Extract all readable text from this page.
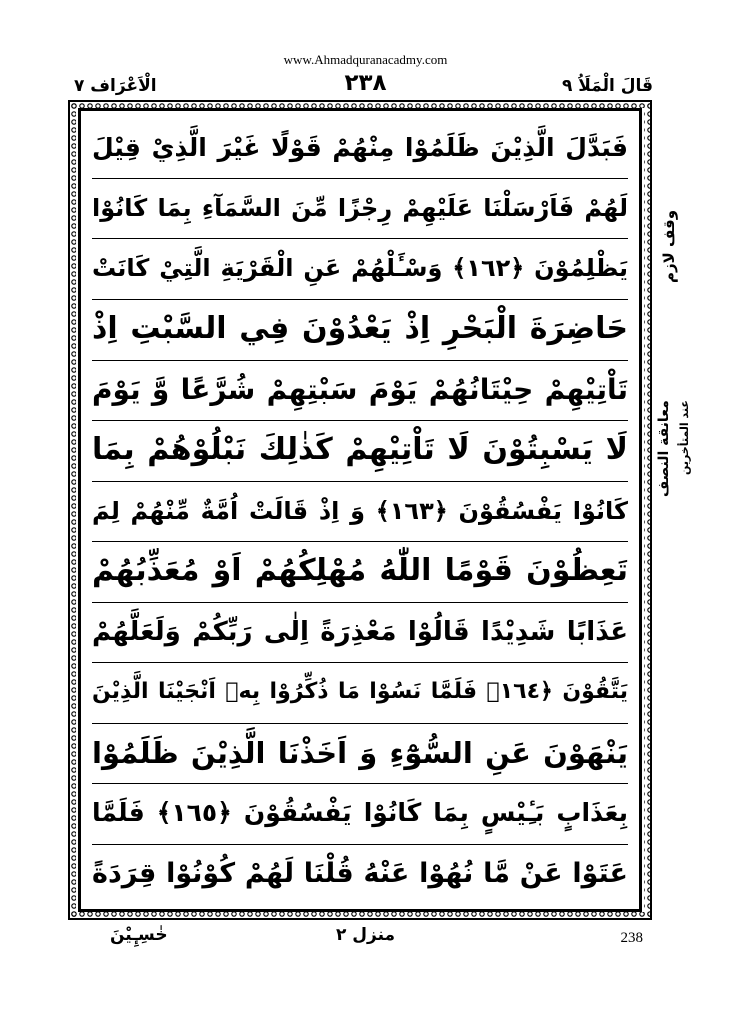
www.Ahmadquranacadmy.com
قَالَ الْمَلَاُ ٩
٢٣٨
الْاَعْرَاف ٧
فَبَدَّلَ الَّذِيْنَ ظَلَمُوْا مِنْهُمْ قَوْلًا غَيْرَ الَّذِيْ قِيْلَ
لَهُمْ فَاَرْسَلْنَا عَلَيْهِمْ رِجْزًا مِّنَ السَّمَآءِ بِمَا كَانُوْا
يَظْلِمُوْنَ ﴿١٦٢﴾ وَسْـَٔلْهُمْ عَنِ الْقَرْيَةِ الَّتِيْ كَانَتْ
حَاضِرَةَ الْبَحْرِ اِذْ يَعْدُوْنَ فِي السَّبْتِ اِذْ
تَاْتِيْهِمْ حِيْتَانُهُمْ يَوْمَ سَبْتِهِمْ شُرَّعًا وَّ يَوْمَ
لَا يَسْبِتُوْنَ لَا تَاْتِيْهِمْ كَذٰلِكَ نَبْلُوْهُمْ بِمَا
كَانُوْا يَفْسُقُوْنَ ﴿١٦٣﴾ وَ اِذْ قَالَتْ اُمَّةٌ مِّنْهُمْ لِمَ
تَعِظُوْنَ قَوْمًا اللّٰهُ مُهْلِكُهُمْ اَوْ مُعَذِّبُهُمْ
عَذَابًا شَدِيْدًا قَالُوْا مَعْذِرَةً اِلٰى رَبِّكُمْ وَلَعَلَّهُمْ
يَتَّقُوْنَ ﴿١٦٤﴾ فَلَمَّا نَسُوْا مَا ذُكِّرُوْا بِهٖ اَنْجَيْنَا الَّذِيْنَ
يَنْهَوْنَ عَنِ السُّوْٓءِ وَ اَخَذْنَا الَّذِيْنَ ظَلَمُوْا
بِعَذَابٍ بَـِٔيْسٍ بِمَا كَانُوْا يَفْسُقُوْنَ ﴿١٦٥﴾ فَلَمَّا
عَتَوْا عَنْ مَّا نُهُوْا عَنْهُ قُلْنَا لَهُمْ كُوْنُوْا قِرَدَةً
وقف لازم
معانقة النصف عند المتأخرين
خٰسِـِٕيْنَ	منزل ٢	238
